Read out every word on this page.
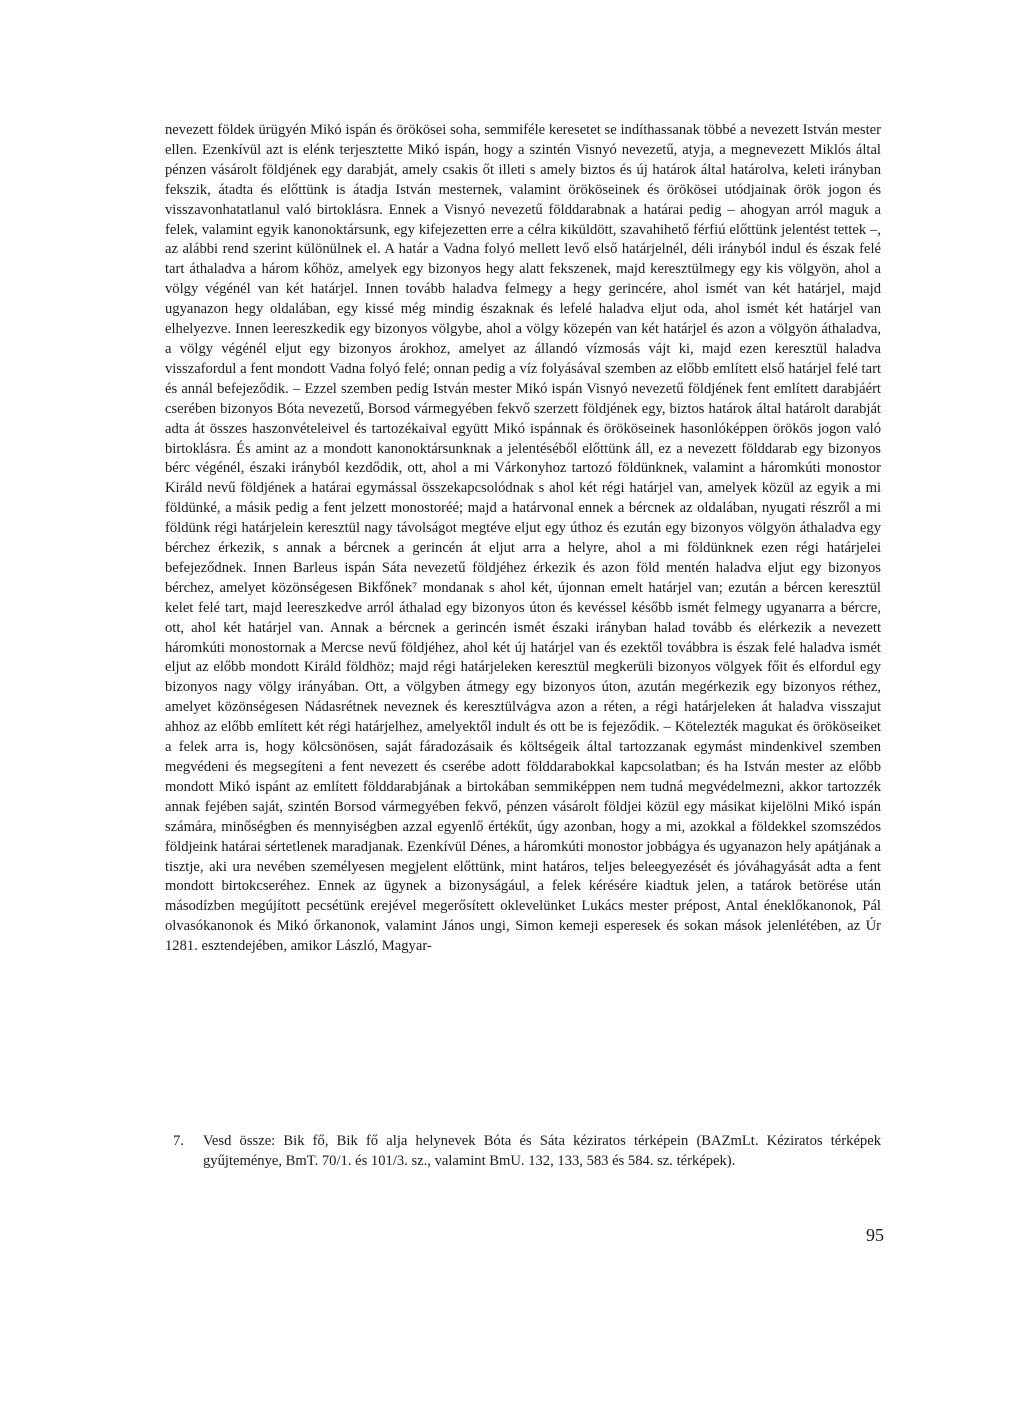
nevezett földek ürügyén Mikó ispán és örökösei soha, semmiféle keresetet se indíthassanak többé a nevezett István mester ellen. Ezenkívül azt is elénk terjesztette Mikó ispán, hogy a szintén Visnyó nevezetű, atyja, a megnevezett Miklós által pénzen vásárolt földjének egy darabját, amely csakis őt illeti s amely biztos és új határok által határolva, keleti irányban fekszik, átadta és előttünk is átadja István mesternek, valamint örököseinek és örökösei utódjainak örök jogon és visszavonhatatlanul való birtoklásra. Ennek a Visnyó nevezetű földdarabnak a határai pedig – ahogyan arról maguk a felek, valamint egyik kanonoktársunk, egy kifejezetten erre a célra kiküldött, szavahihető férfiú előttünk jelentést tettek –, az alábbi rend szerint különülnek el. A határ a Vadna folyó mellett levő első határjelnél, déli irányból indul és észak felé tart áthaladva a három kőhöz, amelyek egy bizonyos hegy alatt fekszenek, majd keresztülmegy egy kis völgyön, ahol a völgy végénél van két határjel. Innen tovább haladva felmegy a hegy gerincére, ahol ismét van két határjel, majd ugyanazon hegy oldalában, egy kissé még mindig északnak és lefelé haladva eljut oda, ahol ismét két határjel van elhelyezve. Innen leereszkedik egy bizonyos völgybe, ahol a völgy közepén van két határjel és azon a völgyön áthaladva, a völgy végénél eljut egy bizonyos árokhoz, amelyet az állandó vízmosás vájt ki, majd ezen keresztül haladva visszafordul a fent mondott Vadna folyó felé; onnan pedig a víz folyásával szemben az előbb említett első határjel felé tart és annál befejeződik. – Ezzel szemben pedig István mester Mikó ispán Visnyó nevezetű földjének fent említett darabjáért cserében bizonyos Bóta nevezetű, Borsod vármegyében fekvő szerzett földjének egy, biztos határok által határolt darabját adta át összes haszonvételeivel és tartozékaival együtt Mikó ispánnak és örököseinek hasonlóképpen örökös jogon való birtoklásra. És amint az a mondott kanonoktársunknak a jelentéséből előttünk áll, ez a nevezett földdarab egy bizonyos bérc végénél, északi irányból kezdődik, ott, ahol a mi Várkonyhoz tartozó földünknek, valamint a háromkúti monostor Királd nevű földjének a határai egymással összekapcsolódnak s ahol két régi határjel van, amelyek közül az egyik a mi földünké, a másik pedig a fent jelzett monostoréé; majd a határvonal ennek a bércnek az oldalában, nyugati részről a mi földünk régi határjelein keresztül nagy távolságot megtéve eljut egy úthoz és ezután egy bizonyos völgyön áthaladva egy bérchez érkezik, s annak a bércnek a gerincén át eljut arra a helyre, ahol a mi földünknek ezen régi határjelei befejeződnek. Innen Barleus ispán Sáta nevezetű földjéhez érkezik és azon föld mentén haladva eljut egy bizonyos bérchez, amelyet közönségesen Bikfőnek⁷ mondanak s ahol két, újonnan emelt határjel van; ezután a bércen keresztül kelet felé tart, majd leereszkedve arról áthalad egy bizonyos úton és kevéssel később ismét felmegy ugyanarra a bércre, ott, ahol két határjel van. Annak a bércnek a gerincén ismét északi irányban halad tovább és elérkezik a nevezett háromkúti monostornak a Mercse nevű földjéhez, ahol két új határjel van és ezektől továbbra is észak felé haladva ismét eljut az előbb mondott Királd földhöz; majd régi határjeleken keresztül megkerüli bizonyos völgyek főit és elfordul egy bizonyos nagy völgy irányában. Ott, a völgyben átmegy egy bizonyos úton, azután megérkezik egy bizonyos réthez, amelyet közönségesen Nádasrétnek neveznek és keresztülvágva azon a réten, a régi határjeleken át haladva visszajut ahhoz az előbb említett két régi határjelhez, amelyektől indult és ott be is fejeződik. – Kötelezték magukat és örököseiket a felek arra is, hogy kölcsönösen, saját fáradozásaik és költségeik által tartozzanak egymást mindenkivel szemben megvédeni és megsegíteni a fent nevezett és cserébe adott földdarabokkal kapcsolatban; és ha István mester az előbb mondott Mikó ispánt az említett földdarabjának a birtokában semmiképpen nem tudná megvédelmezni, akkor tartozzék annak fejében saját, szintén Borsod vármegyében fekvő, pénzen vásárolt földjei közül egy másikat kijelölni Mikó ispán számára, minőségben és mennyiségben azzal egyenlő értékűt, úgy azonban, hogy a mi, azokkal a földekkel szomszédos földjeink határai sértetlenek maradjanak. Ezenkívül Dénes, a háromkúti monostor jobbágya és ugyanazon hely apátjának a tisztje, aki ura nevében személyesen megjelent előttünk, mint határos, teljes beleegyezését és jóváhagyását adta a fent mondott birtokcseréhez. Ennek az ügynek a bizonyságául, a felek kérésére kiadtuk jelen, a tatárok betörése után másodízben megújított pecsétünk erejével megerősített oklevelünket Lukács mester prépost, Antal éneklőkanonok, Pál olvasókanonok és Mikó őrkanonok, valamint János ungi, Simon kemeji esperesek és sokan mások jelenlétében, az Úr 1281. esztendejében, amikor László, Magyar-

7.	Vesd össze: Bik fő, Bik fő alja helynevek Bóta és Sáta kéziratos térképein (BAZmLt. Kéziratos térképek gyűjteménye, BmT. 70/1. és 101/3. sz., valamint BmU. 132, 133, 583 és 584. sz. térképek).
95
